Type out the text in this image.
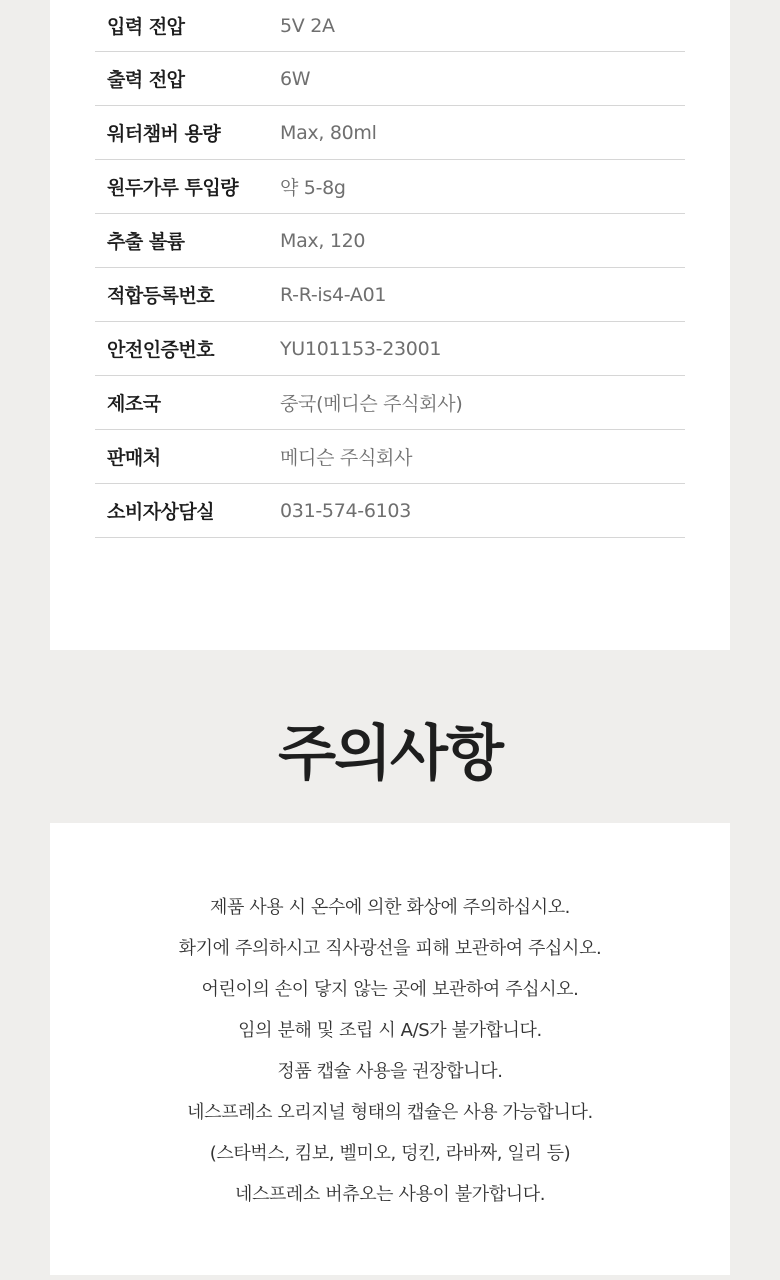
입력 전압	5V 2A
출력 전압	6W
워터챔버 용량	Max, 80ml
원두가루 투입량	약 5-8g
추출 볼륨	Max, 120
적합등록번호	R-R-is4-A01
안전인증번호	YU101153-23001
제조국	중국(메디슨 주식회사)
판매처	메디슨 주식회사
소비자상담실	031-574-6103
주의사항
제품 사용 시 온수에 의한 화상에 주의하십시오.
화기에 주의하시고 직사광선을 피해 보관하여 주십시오.
어린이의 손이 닿지 않는 곳에 보관하여 주십시오.
임의 분해 및 조립 시 A/S가 불가합니다.
정품 캡슐 사용을 권장합니다.
네스프레소 오리지널 형태의 캡슐은 사용 가능합니다.
(스타벅스, 킴보, 벨미오, 덩킨, 라바짜, 일리 등)
네스프레소 버츄오는 사용이 불가합니다.
